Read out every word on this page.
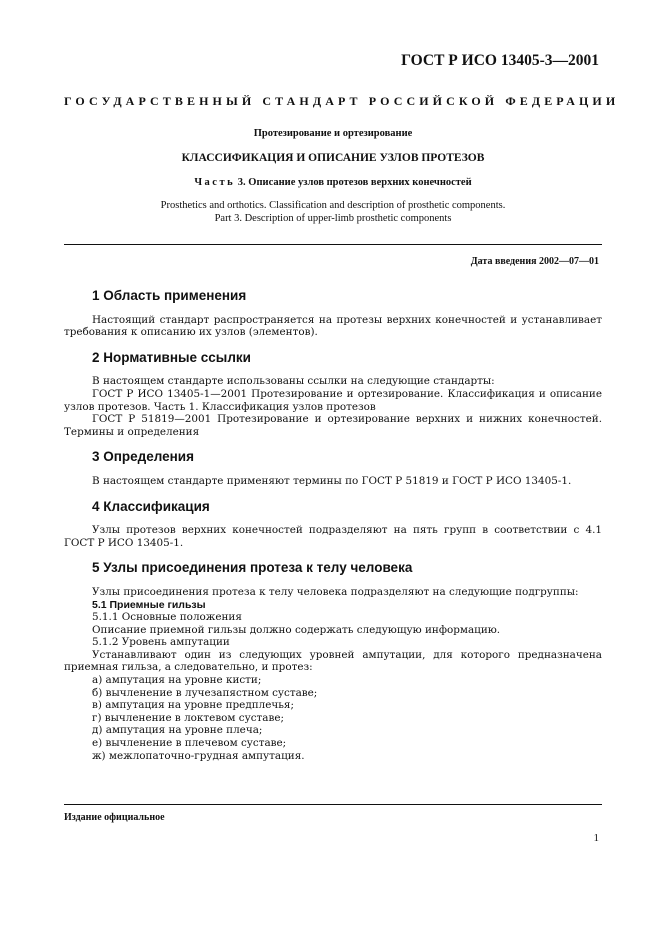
ГОСТ Р ИСО 13405-3—2001
ГОСУДАРСТВЕННЫЙ СТАНДАРТ РОССИЙСКОЙ ФЕДЕРАЦИИ
Протезирование и ортезирование
КЛАССИФИКАЦИЯ И ОПИСАНИЕ УЗЛОВ ПРОТЕЗОВ
Часть 3. Описание узлов протезов верхних конечностей
Prosthetics and orthotics. Classification and description of prosthetic components.
Part 3. Description of upper-limb prosthetic components
Дата введения 2002—07—01
1 Область применения

Настоящий стандарт распространяется на протезы верхних конечностей и устанавливает требования к описанию их узлов (элементов).

2 Нормативные ссылки

В настоящем стандарте использованы ссылки на следующие стандарты:

ГОСТ Р ИСО 13405-1—2001 Протезирование и ортезирование. Классификация и описание узлов протезов. Часть 1. Классификация узлов протезов

ГОСТ Р 51819—2001 Протезирование и ортезирование верхних и нижних конечностей. Термины и определения

3 Определения

В настоящем стандарте применяют термины по ГОСТ Р 51819 и ГОСТ Р ИСО 13405-1.

4 Классификация

Узлы протезов верхних конечностей подразделяют на пять групп в соответствии с 4.1 ГОСТ Р ИСО 13405-1.

5 Узлы присоединения протеза к телу человека

Узлы присоединения протеза к телу человека подразделяют на следующие подгруппы:

5.1 Приемные гильзы

5.1.1 Основные положения

Описание приемной гильзы должно содержать следующую информацию.

5.1.2 Уровень ампутации

Устанавливают один из следующих уровней ампутации, для которого предназначена приемная гильза, а следовательно, и протез:

а) ампутация на уровне кисти;

б) вычленение в лучезапястном суставе;

в) ампутация на уровне предплечья;

г) вычленение в локтевом суставе;

д) ампутация на уровне плеча;

е) вычленение в плечевом суставе;

ж) межлопаточно-грудная ампутация.

Издание официальное
1
